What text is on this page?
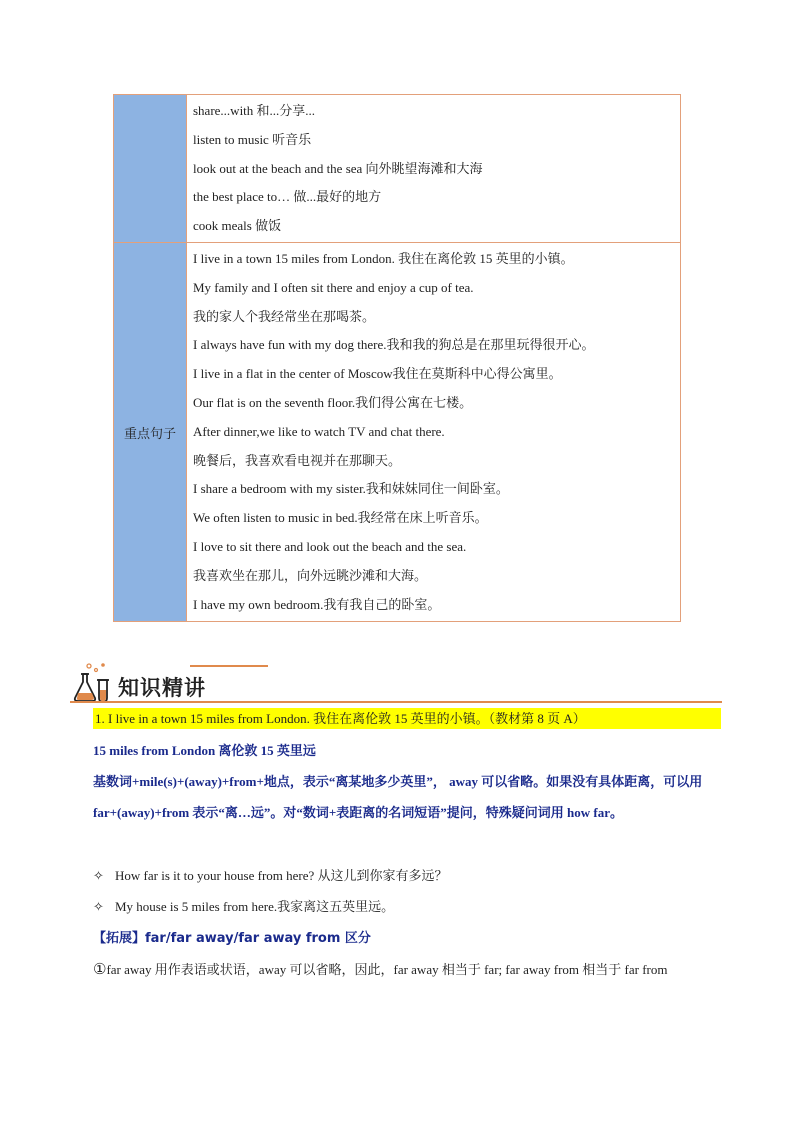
share...with 和...分享...
listen to music 听音乐
look out at the beach and the sea 向外眺望海滩和大海
the best place to… 做...最好的地方
cook meals 做饭
重点句子
I live in a town 15 miles from London. 我住在离伦敦 15 英里的小镇。
My family and I often sit there and enjoy a cup of tea.
我的家人个我经常坐在那喝茶。
I always have fun with my dog there.我和我的狗总是在那里玩得很开心。
I live in a flat in the center of Moscow我住在莫斯科中心得公寓里。
Our flat is on the seventh floor.我们得公寓在七楼。
After dinner,we like to watch TV and chat there.
晚餐后，我喜欢看电视并在那聊天。
I share a bedroom with my sister.我和妹妹同住一间卧室。
We often listen to music in bed.我经常在床上听音乐。
I love to sit there and look out the beach and the sea.
我喜欢坐在那儿，向外远眺沙滩和大海。
I have my own bedroom.我有我自己的卧室。
知识精讲
1. I live in a town 15 miles from London. 我住在离伦敦 15 英里的小镇。（教材第 8 页 A）
15 miles from London 离伦敦 15 英里远
基数词+mile(s)+(away)+from+地点，表示“离某地多少英里”， away 可以省略。如果没有具体距离，可以用 far+(away)+from 表示“离…远”。对“数词+表距离的名词短语”提问，特殊疑问词用 how far。
✧ How far is it to your house from here? 从这儿到你家有多远？
✧ My house is 5 miles from here.我家离这五英里远。
【拓展】far/far away/far away from 区分
①far away 用作表语或状语，away 可以省略，因此，far away 相当于 far; far away from 相当于 far from
